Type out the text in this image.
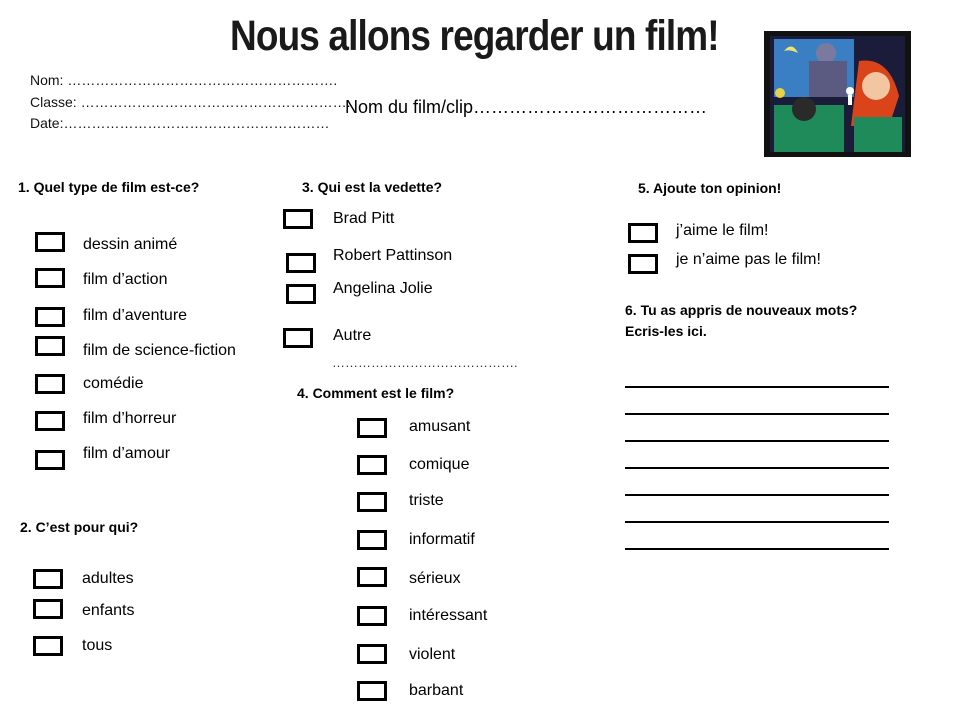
Nous allons regarder un film!
Nom: ………………………………………………….
Classe: ………………………………………………….
Date:…………………………………………………
Nom du film/clip…………………………………
1. Quel type de film est-ce?
dessin animé
film d’action
film d’aventure
film de science-fiction
comédie
film d’horreur
film d’amour
2. C’est pour qui?
adultes
enfants
tous
3. Qui est la vedette?
Brad Pitt
Robert Pattinson
Angelina Jolie
Autre
…………………………………….
4. Comment est le film?
amusant
comique
triste
informatif
sérieux
intéressant
violent
barbant
5. Ajoute ton opinion!
j’aime le film!
je n’aime pas le film!
6. Tu as appris de nouveaux mots?
Ecris-les ici.
